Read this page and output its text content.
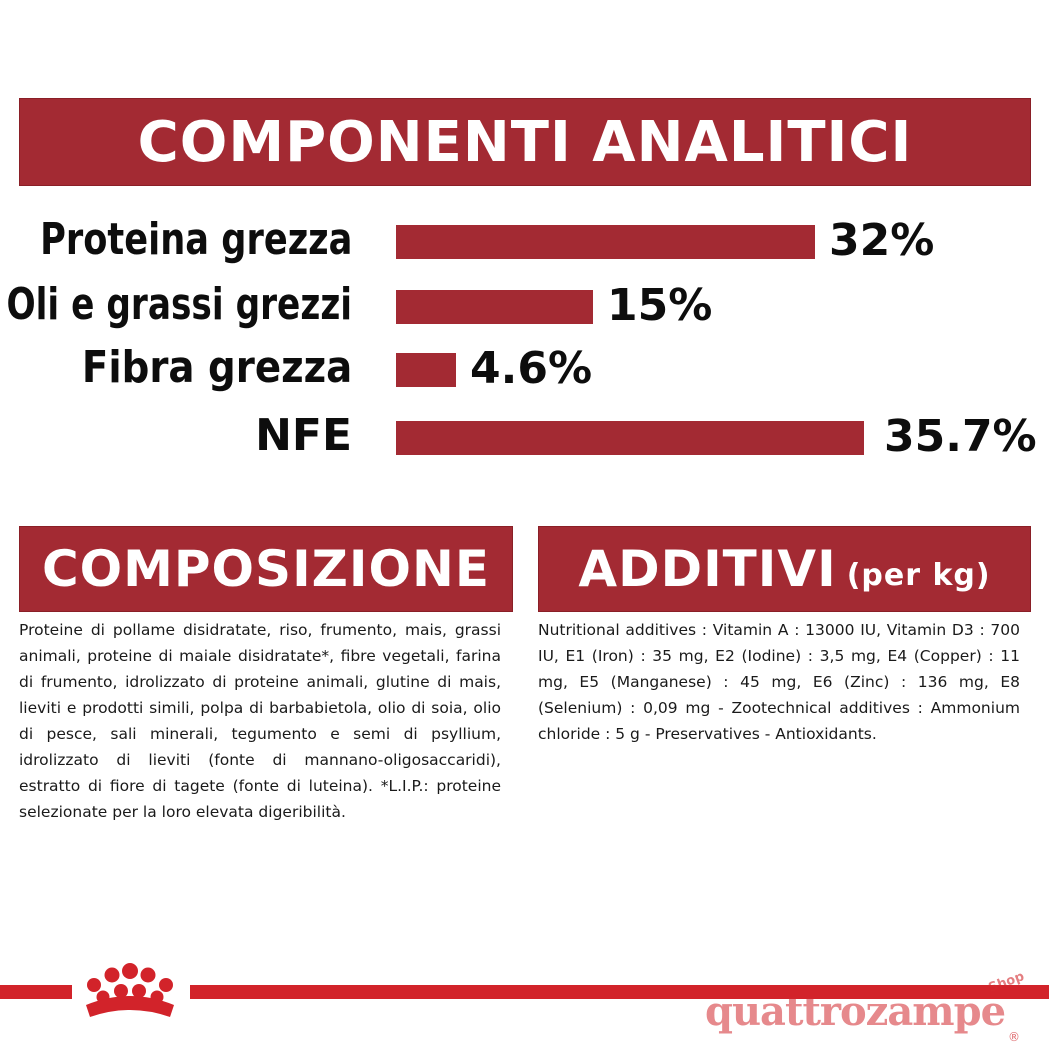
COMPONENTI ANALITICI
Proteina grezza	32%
Oli e grassi grezzi	15%
Fibra grezza	4.6%
NFE	35.7%
COMPOSIZIONE
Proteine di pollame disidratate, riso, frumento, mais, grassi animali, proteine di maiale disidratate*, fibre vegetali, farina di frumento, idrolizzato di proteine animali, glutine di mais, lieviti e prodotti simili, polpa di barbabietola, olio di soia, olio di pesce, sali minerali, tegumento e semi di psyllium, idrolizzato di lieviti (fonte di mannano-oligosaccaridi), estratto di fiore di tagete (fonte di luteina). *L.I.P.: proteine selezionate per la loro elevata digeribilità.
ADDITIVI (per kg)
Nutritional additives : Vitamin A : 13000 IU, Vitamin D3 : 700 IU, E1 (Iron) : 35 mg, E2 (Iodine) : 3,5 mg, E4 (Copper) : 11 mg, E5 (Manganese) : 45 mg, E6 (Zinc) : 136 mg, E8 (Selenium) : 0,09 mg - Zootechnical additives : Ammonium chloride : 5 g - Preservatives - Antioxidants.
quattrozampe
Shop
®
